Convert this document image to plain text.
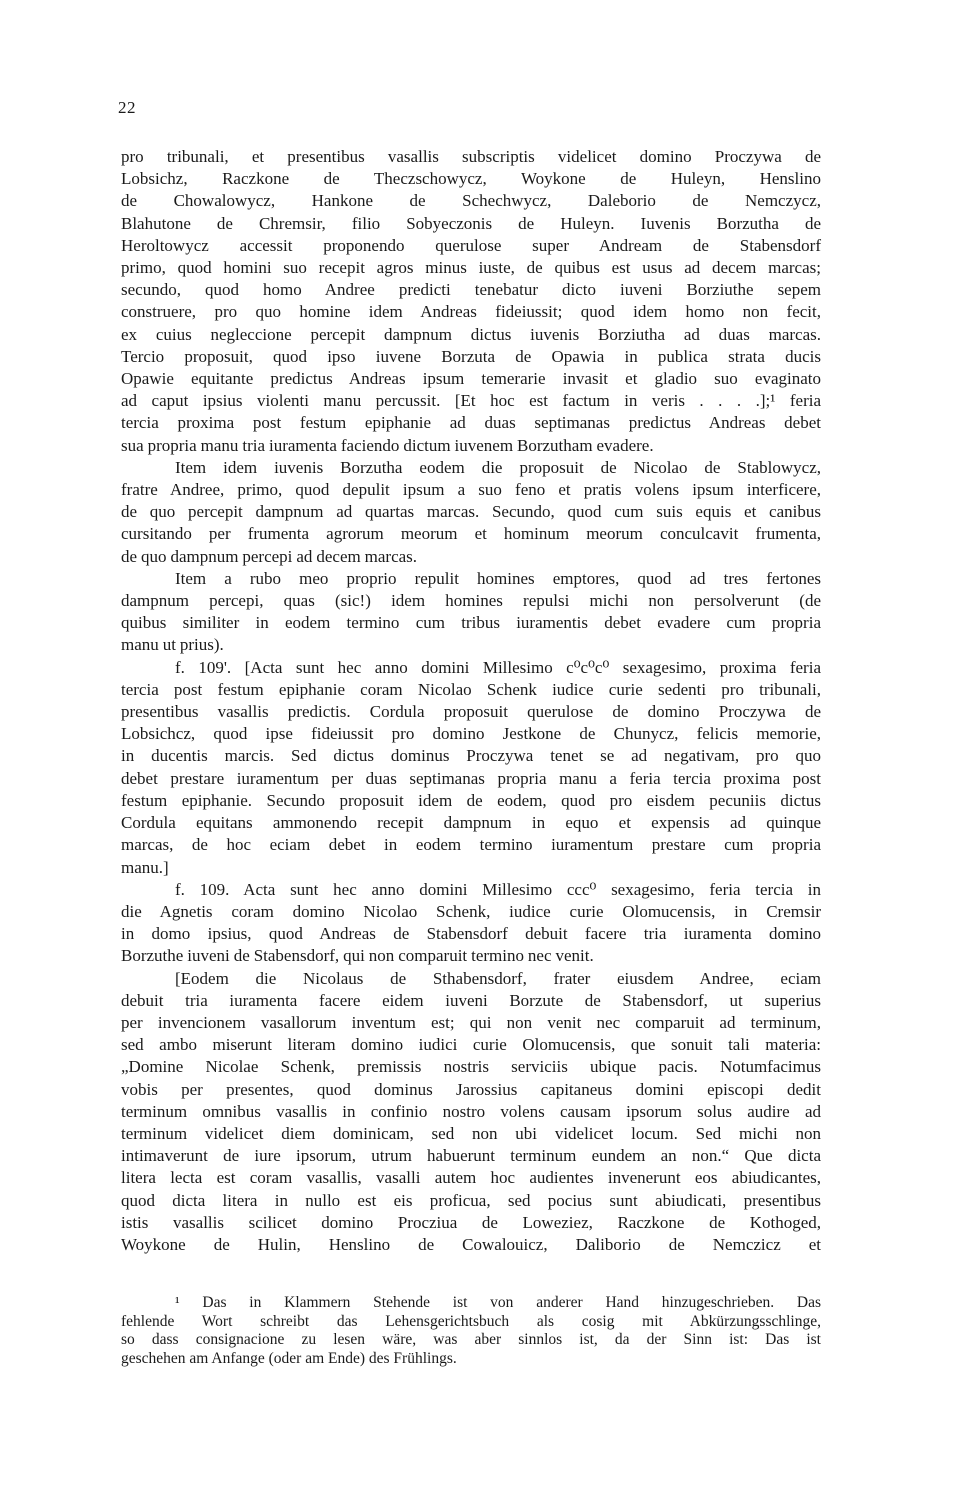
22
pro tribunali, et presentibus vasallis subscriptis videlicet domino Proczywa de
Lobsichz, Raczkone de Theczschowycz, Woykone de Huleyn, Henslino
de Chowalowycz, Hankone de Schechwycz, Daleborio de Nemczycz,
Blahutone de Chremsir, filio Sobyeczonis de Huleyn. Iuvenis Borzutha de
Heroltowycz accessit proponendo querulose super Andream de Stabensdorf
primo, quod homini suo recepit agros minus iuste, de quibus est usus ad decem marcas;
secundo, quod homo Andree predicti tenebatur dicto iuveni Borziuthe sepem
construere, pro quo homine idem Andreas fideiussit; quod idem homo non fecit,
ex cuius negleccione percepit dampnum dictus iuvenis Borziutha ad duas marcas.
Tercio proposuit, quod ipso iuvene Borzuta de Opawia in publica strata ducis
Opawie equitante predictus Andreas ipsum temerarie invasit et gladio suo evaginato
ad caput ipsius violenti manu percussit. [Et hoc est factum in veris . . . .];¹ feria
tercia proxima post festum epiphanie ad duas septimanas predictus Andreas debet
sua propria manu tria iuramenta faciendo dictum iuvenem Borzutham evadere.
Item idem iuvenis Borzutha eodem die proposuit de Nicolao de Stablowycz,
fratre Andree, primo, quod depulit ipsum a suo feno et pratis volens ipsum interficere,
de quo percepit dampnum ad quartas marcas. Secundo, quod cum suis equis et canibus
cursitando per frumenta agrorum meorum et hominum meorum conculcavit frumenta,
de quo dampnum percepi ad decem marcas.
Item a rubo meo proprio repulit homines emptores, quod ad tres fertones
dampnum percepi, quas (sic!) idem homines repulsi michi non persolverunt (de
quibus similiter in eodem termino cum tribus iuramentis debet evadere cum propria
manu ut prius).
f. 109'. [Acta sunt hec anno domini Millesimo c⁰c⁰c⁰ sexagesimo, proxima feria
tercia post festum epiphanie coram Nicolao Schenk iudice curie sedenti pro tribunali,
presentibus vasallis predictis. Cordula proposuit querulose de domino Proczywa de
Lobsichcz, quod ipse fideiussit pro domino Jestkone de Chunycz, felicis memorie,
in ducentis marcis. Sed dictus dominus Proczywa tenet se ad negativam, pro quo
debet prestare iuramentum per duas septimanas propria manu a feria tercia proxima post
festum epiphanie. Secundo proposuit idem de eodem, quod pro eisdem pecuniis dictus
Cordula equitans ammonendo recepit dampnum in equo et expensis ad quinque
marcas, de hoc eciam debet in eodem termino iuramentum prestare cum propria
manu.]
f. 109. Acta sunt hec anno domini Millesimo ccc⁰ sexagesimo, feria tercia in
die Agnetis coram domino Nicolao Schenk, iudice curie Olomucensis, in Cremsir
in domo ipsius, quod Andreas de Stabensdorf debuit facere tria iuramenta domino
Borzuthe iuveni de Stabensdorf, qui non comparuit termino nec venit.
[Eodem die Nicolaus de Sthabensdorf, frater eiusdem Andree, eciam
debuit tria iuramenta facere eidem iuveni Borzute de Stabensdorf, ut superius
per invencionem vasallorum inventum est; qui non venit nec comparuit ad terminum,
sed ambo miserunt literam domino iudici curie Olomucensis, que sonuit tali materia:
„Domine Nicolae Schenk, premissis nostris serviciis ubique pacis. Notumfacimus
vobis per presentes, quod dominus Jarossius capitaneus domini episcopi dedit
terminum omnibus vasallis in confinio nostro volens causam ipsorum solus audire ad
terminum videlicet diem dominicam, sed non ubi videlicet locum. Sed michi non
intimaverunt de iure ipsorum, utrum habuerunt terminum eundem an non.“ Que dicta
litera lecta est coram vasallis, vasalli autem hoc audientes invenerunt eos abiudicantes,
quod dicta litera in nullo est eis proficua, sed pocius sunt abiudicati, presentibus
istis vasallis scilicet domino Procziua de Loweziez, Raczkone de Kothoged,
Woykone de Hulin, Henslino de Cowalouicz, Daliborio de Nemczicz et
¹ Das in Klammern Stehende ist von anderer Hand hinzugeschrieben. Das
fehlende Wort schreibt das Lehensgerichtsbuch als cosig mit Abkürzungsschlinge,
so dass consignacione zu lesen wäre, was aber sinnlos ist, da der Sinn ist: Das ist
geschehen am Anfange (oder am Ende) des Frühlings.
